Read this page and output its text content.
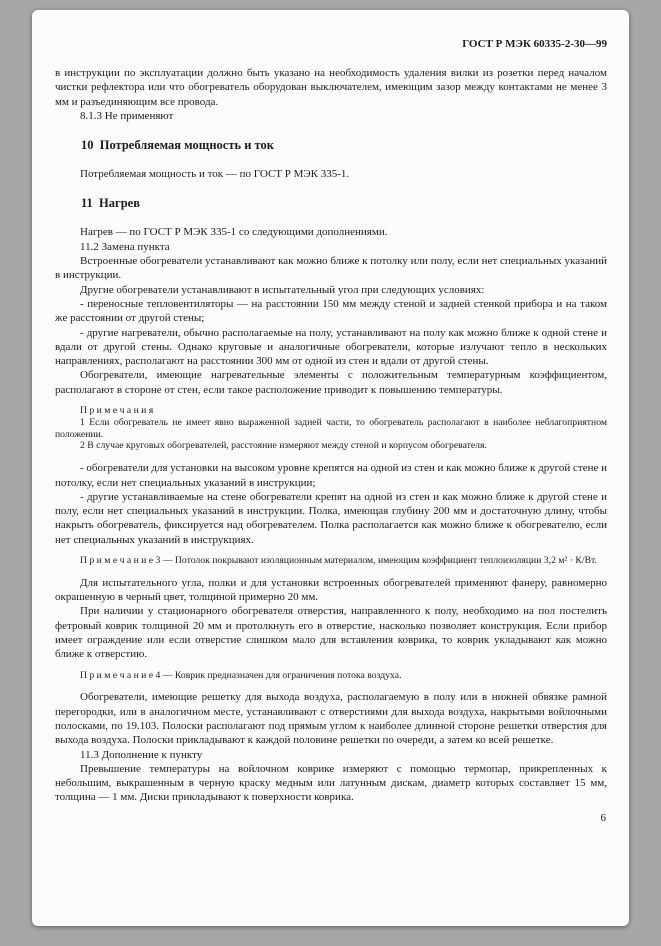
ГОСТ Р МЭК 60335-2-30—99

в инструкции по эксплуатации должно быть указано на необходимость удаления вилки из розетки перед началом чистки рефлектора или что обогреватель оборудован выключателем, имеющим зазор между контактами не менее 3 мм и разъединяющим все провода.

8.1.3 Не применяют

10  Потребляемая мощность и ток

Потребляемая мощность и ток — по ГОСТ Р МЭК 335-1.

11  Нагрев

Нагрев — по ГОСТ Р МЭК 335-1 со следующими дополнениями.

11.2 Замена пункта

Встроенные обогреватели устанавливают как можно ближе к потолку или полу, если нет специальных указаний в инструкции.

Другие обогреватели устанавливают в испытательный угол при следующих условиях:

- переносные тепловентиляторы — на расстоянии 150 мм между стеной и задней стенкой прибора и на таком же расстоянии от другой стены;

- другие нагреватели, обычно располагаемые на полу, устанавливают на полу как можно ближе к одной стене и вдали от другой стены. Однако круговые и аналогичные обогреватели, которые излучают тепло в нескольких направлениях, располагают на расстоянии 300 мм от одной из стен и вдали от другой стены.

Обогреватели, имеющие нагревательные элементы с положительным температурным коэффициентом, располагают в стороне от стен, если такое расположение приводит к повышению температуры.

П р и м е ч а н и я

1 Если обогреватель не имеет явно выраженной задней части, то обогреватель располагают в наиболее неблагоприятном положении.

2 В случае круговых обогревателей, расстояние измеряют между стеной и корпусом обогревателя.

- обогреватели для установки на высоком уровне крепятся на одной из стен и как можно ближе к другой стене и потолку, если нет специальных указаний в инструкции;

- другие устанавливаемые на стене обогреватели крепят на одной из стен и как можно ближе к другой стене и полу, если нет специальных указаний в инструкции. Полка, имеющая глубину 200 мм и достаточную длину, чтобы накрыть обогреватель, фиксируется над обогревателем. Полка располагается как можно ближе к обогревателю, если нет специальных указаний в инструкциях.

П р и м е ч а н и е 3 — Потолок покрывают изоляционным материалом, имеющим коэффициент теплоизоляции 3,2 м² · К/Вт.

Для испытательного угла, полки и для установки встроенных обогревателей применяют фанеру, равномерно окрашенную в черный цвет, толщиной примерно 20 мм.

При наличии у стационарного обогревателя отверстия, направленного к полу, необходимо на пол постелить фетровый коврик толщиной 20 мм и протолкнуть его в отверстие, насколько позволяет конструкция. Если прибор имеет ограждение или если отверстие слишком мало для вставления коврика, то коврик укладывают как можно ближе к отверстию.

П р и м е ч а н и е 4 — Коврик предназначен для ограничения потока воздуха.

Обогреватели, имеющие решетку для выхода воздуха, располагаемую в полу или в нижней обвязке рамной перегородки, или в аналогичном месте, устанавливают с отверстиями для выхода воздуха, накрытыми войлочными полосками, по 19.103. Полоски располагают под прямым углом к наиболее длинной стороне решетки отверстия для выхода воздуха. Полоски прикладывают к каждой половине решетки по очереди, а затем ко всей решетке.

11.3 Дополнение к пункту

Превышение температуры на войлочном коврике измеряют с помощью термопар, прикрепленных к небольшим, выкрашенным в черную краску медным или латунным дискам, диаметр которых составляет 15 мм, толщина — 1 мм. Диски прикладывают к поверхности коврика.

6
